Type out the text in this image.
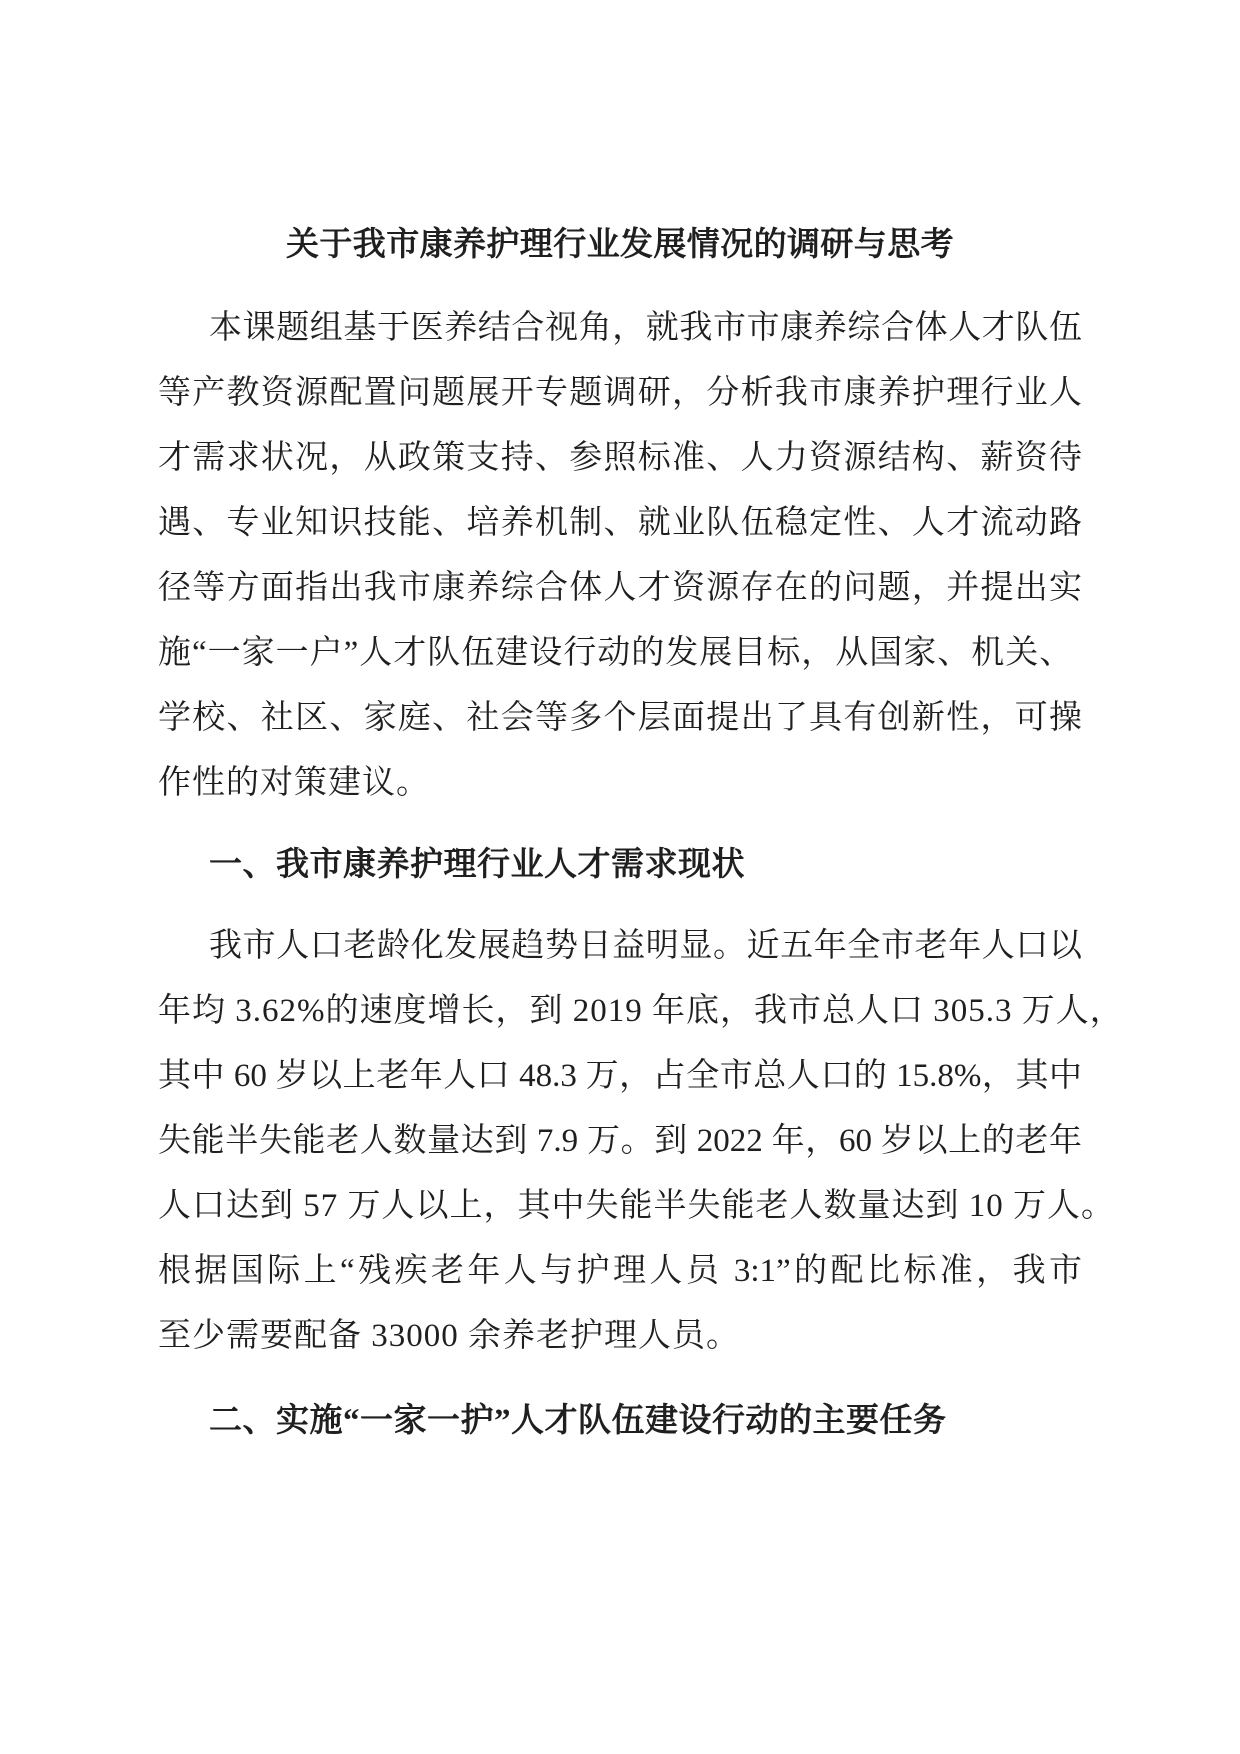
关于我市康养护理行业发展情况的调研与思考
本课题组基于医养结合视角，就我市市康养综合体人才队伍
等产教资源配置问题展开专题调研，分析我市康养护理行业人
才需求状况，从政策支持、参照标准、人力资源结构、薪资待
遇、专业知识技能、培养机制、就业队伍稳定性、人才流动路
径等方面指出我市康养综合体人才资源存在的问题，并提出实
施“一家一户”人才队伍建设行动的发展目标，从国家、机关、
学校、社区、家庭、社会等多个层面提出了具有创新性，可操
作性的对策建议。
一、我市康养护理行业人才需求现状
我市人口老龄化发展趋势日益明显。近五年全市老年人口以
年均 3.62%的速度增长，到 2019 年底，我市总人口 305.3 万人，
其中 60 岁以上老年人口 48.3 万，占全市总人口的 15.8%，其中
失能半失能老人数量达到 7.9 万。到 2022 年，60 岁以上的老年
人口达到 57 万人以上，其中失能半失能老人数量达到 10 万人。
根据国际上“残疾老年人与护理人员 3:1”的配比标准，我市
至少需要配备 33000 余养老护理人员。
二、实施“一家一护”人才队伍建设行动的主要任务
